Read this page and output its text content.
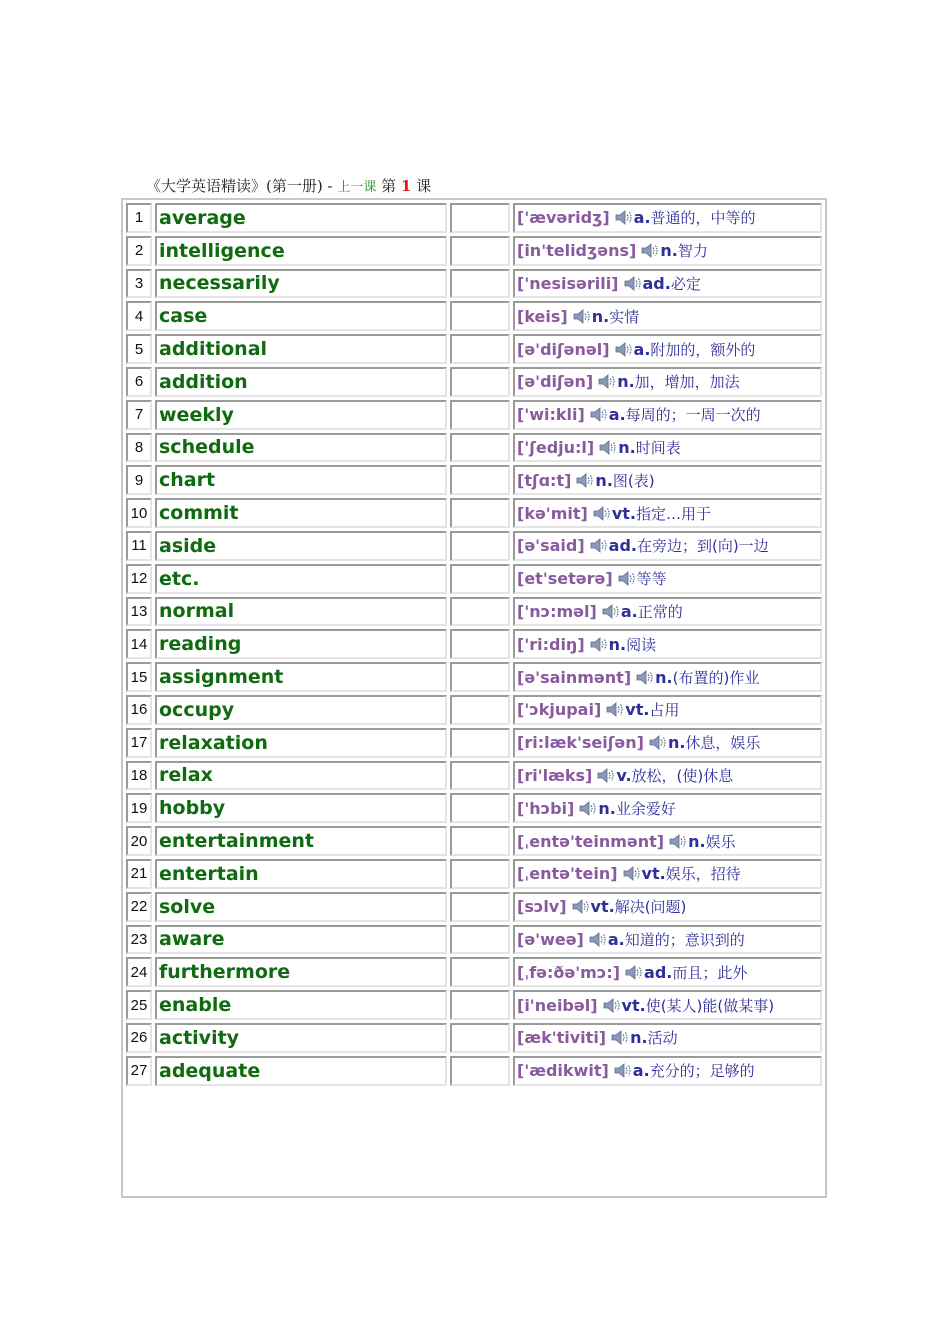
《大学英语精读》(第一册) - 上一课 第 1 课
1	average		['ævəridʒ] a.普通的，中等的
2	intelligence		[in'telidʒəns] n.智力
3	necessarily		['nesisərili] ad.必定
4	case		[keis] n.实情
5	additional		[ə'diʃənəl] a.附加的，额外的
6	addition		[ə'diʃən] n.加，增加，加法
7	weekly		['wi:kli] a.每周的；一周一次的
8	schedule		['ʃedju:l] n.时间表
9	chart		[tʃɑ:t] n.图(表)
10	commit		[kə'mit] vt.指定…用于
11	aside		[ə'said] ad.在旁边；到(向)一边
12	etc.		[et'setərə] 等等
13	normal		['nɔ:məl] a.正常的
14	reading		['ri:diŋ] n.阅读
15	assignment		[ə'sainmənt] n.(布置的)作业
16	occupy		['ɔkjupai] vt.占用
17	relaxation		[ri:læk'seiʃən] n.休息，娱乐
18	relax		[ri'læks] v.放松，(使)休息
19	hobby		['hɔbi] n.业余爱好
20	entertainment		[ˌentə'teinmənt] n.娱乐
21	entertain		[ˌentə'tein] vt.娱乐，招待
22	solve		[sɔlv] vt.解决(问题)
23	aware		[ə'weə] a.知道的；意识到的
24	furthermore		[ˌfə:ðə'mɔ:] ad.而且；此外
25	enable		[i'neibəl] vt.使(某人)能(做某事)
26	activity		[æk'tiviti] n.活动
27	adequate		['ædikwit] a.充分的；足够的
